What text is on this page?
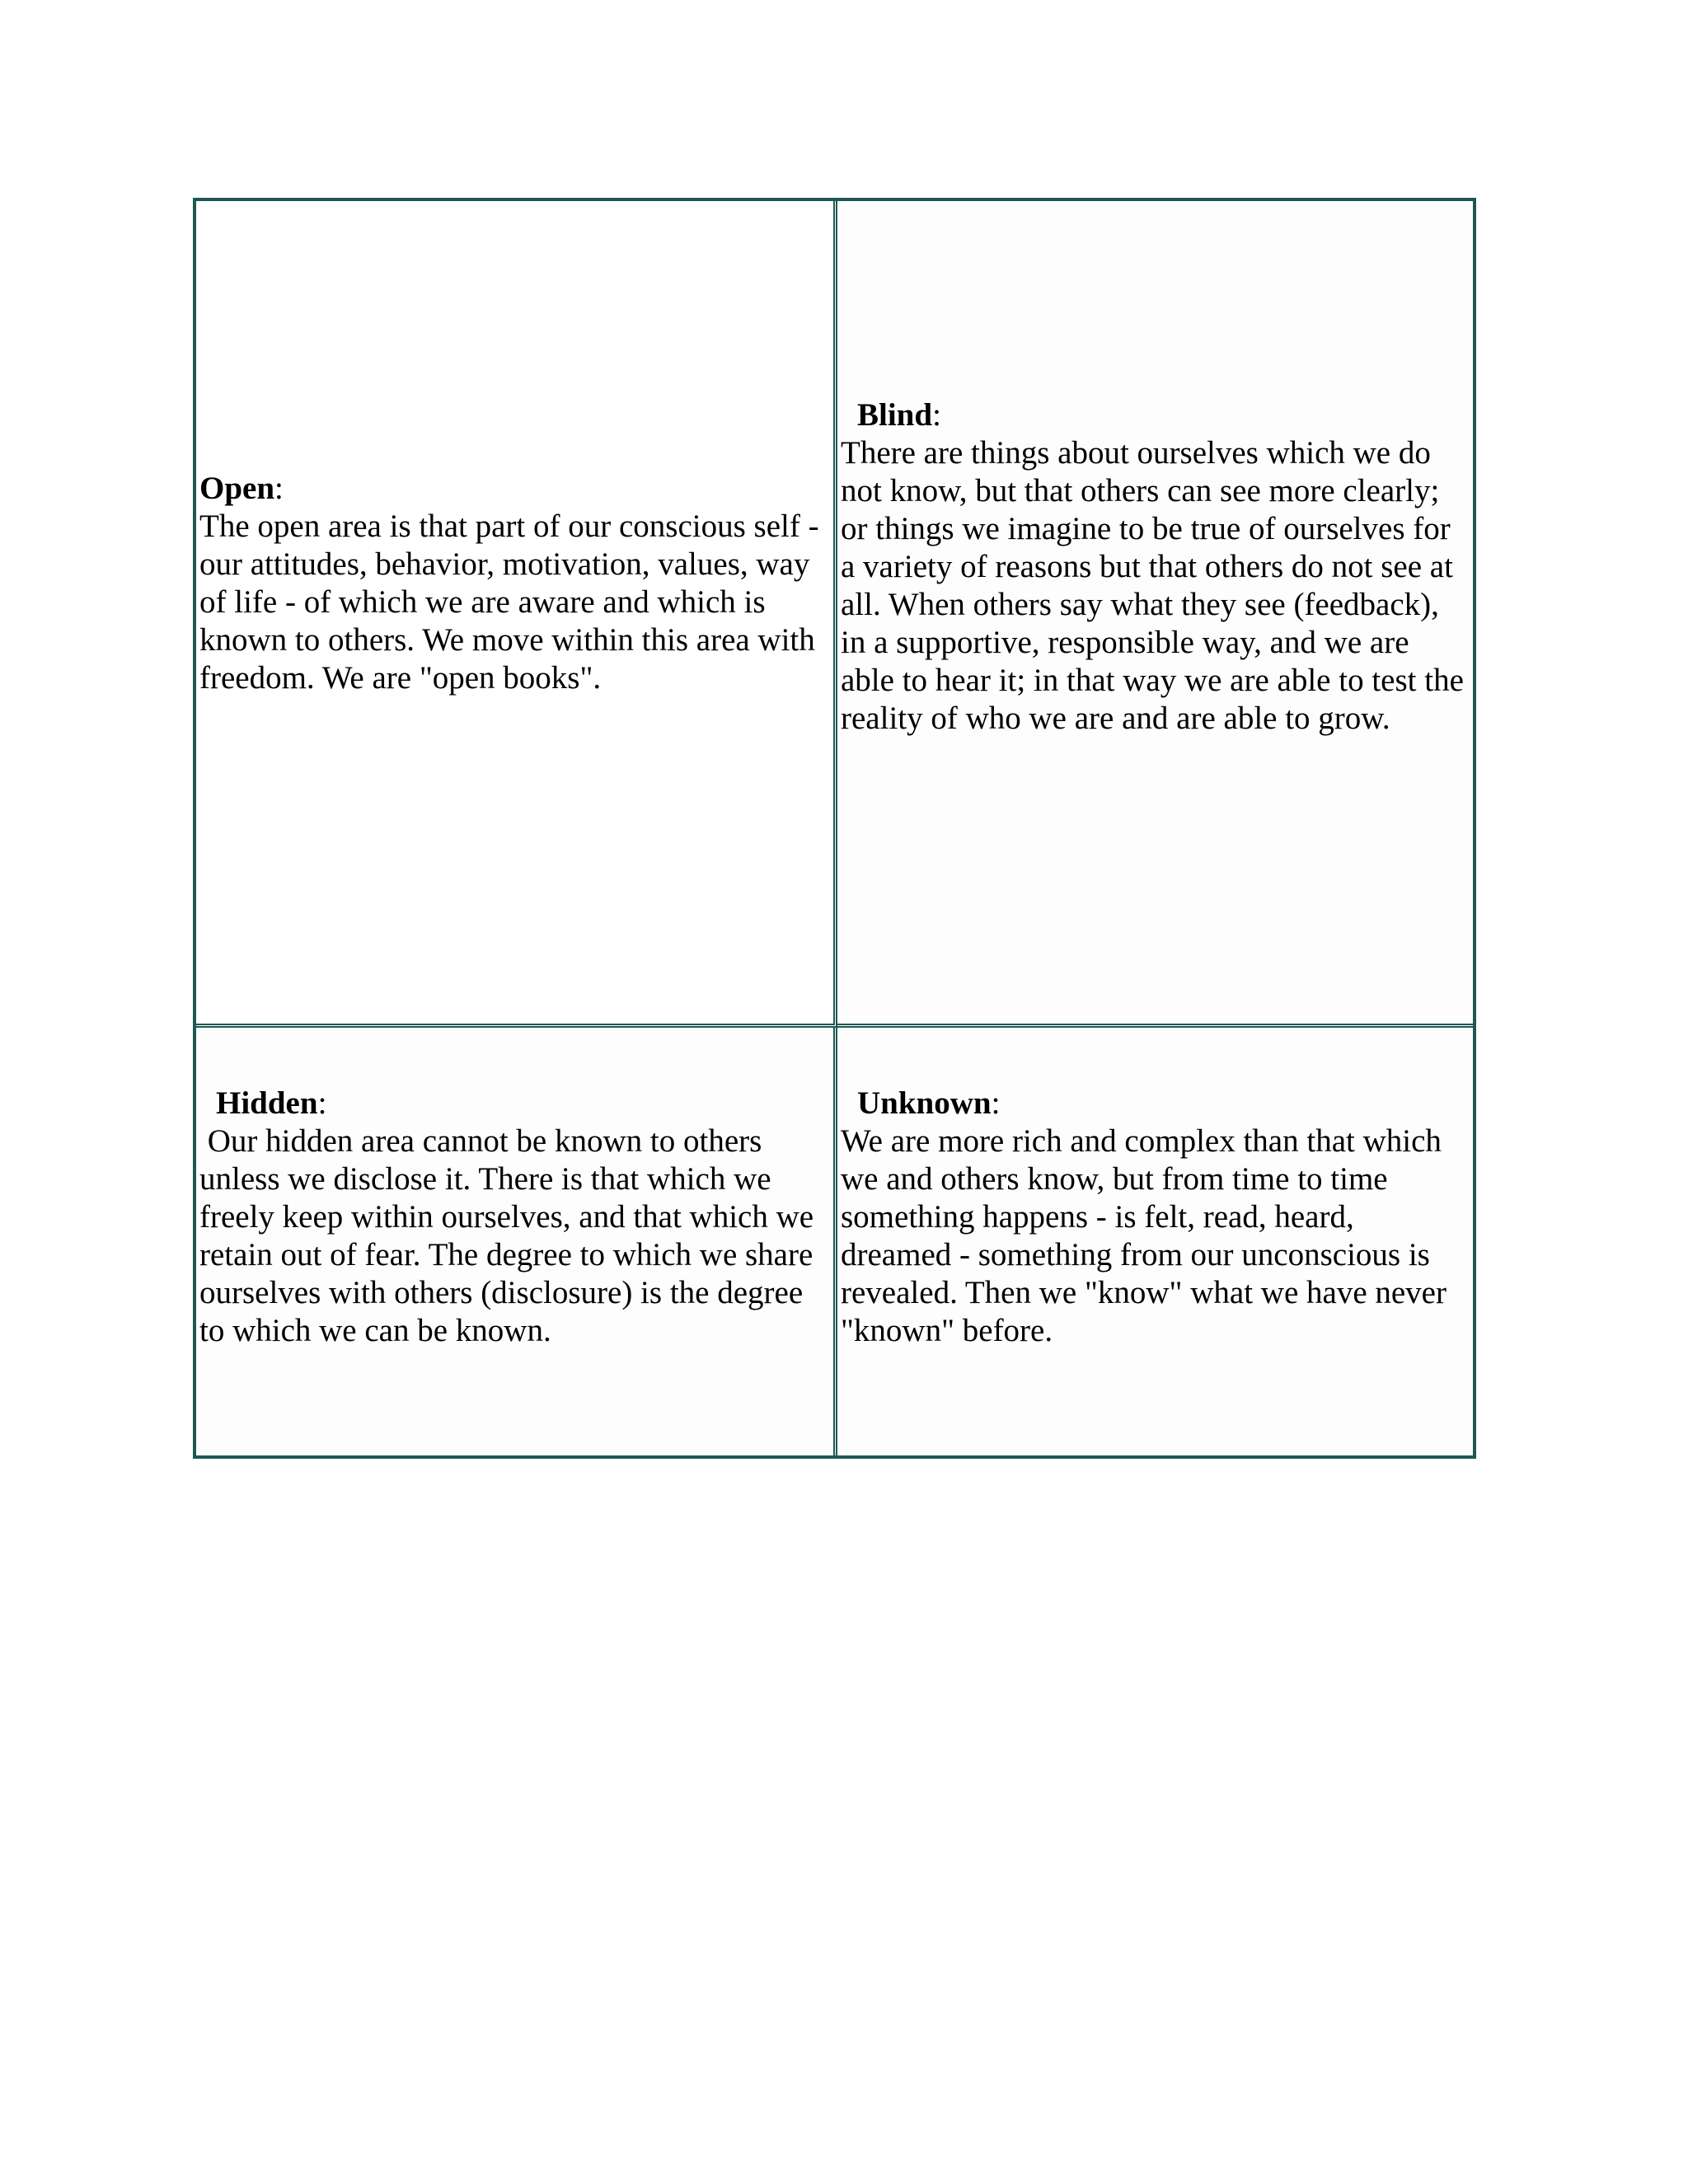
Open:
The open area is that part of our conscious self - our attitudes, behavior, motivation, values, way of life - of which we are aware and which is known to others. We move within this area with freedom. We are "open books".
Blind:
There are things about ourselves which we do not know, but that others can see more clearly; or things we imagine to be true of ourselves for a variety of reasons but that others do not see at all. When others say what they see (feedback), in a supportive, responsible way, and we are able to hear it; in that way we are able to test the reality of who we are and are able to grow.
Hidden:
Our hidden area cannot be known to others unless we disclose it. There is that which we freely keep within ourselves, and that which we retain out of fear. The degree to which we share ourselves with others (disclosure) is the degree to which we can be known.
Unknown:
We are more rich and complex than that which we and others know, but from time to time something happens - is felt, read, heard, dreamed - something from our unconscious is revealed. Then we "know" what we have never "known" before.
